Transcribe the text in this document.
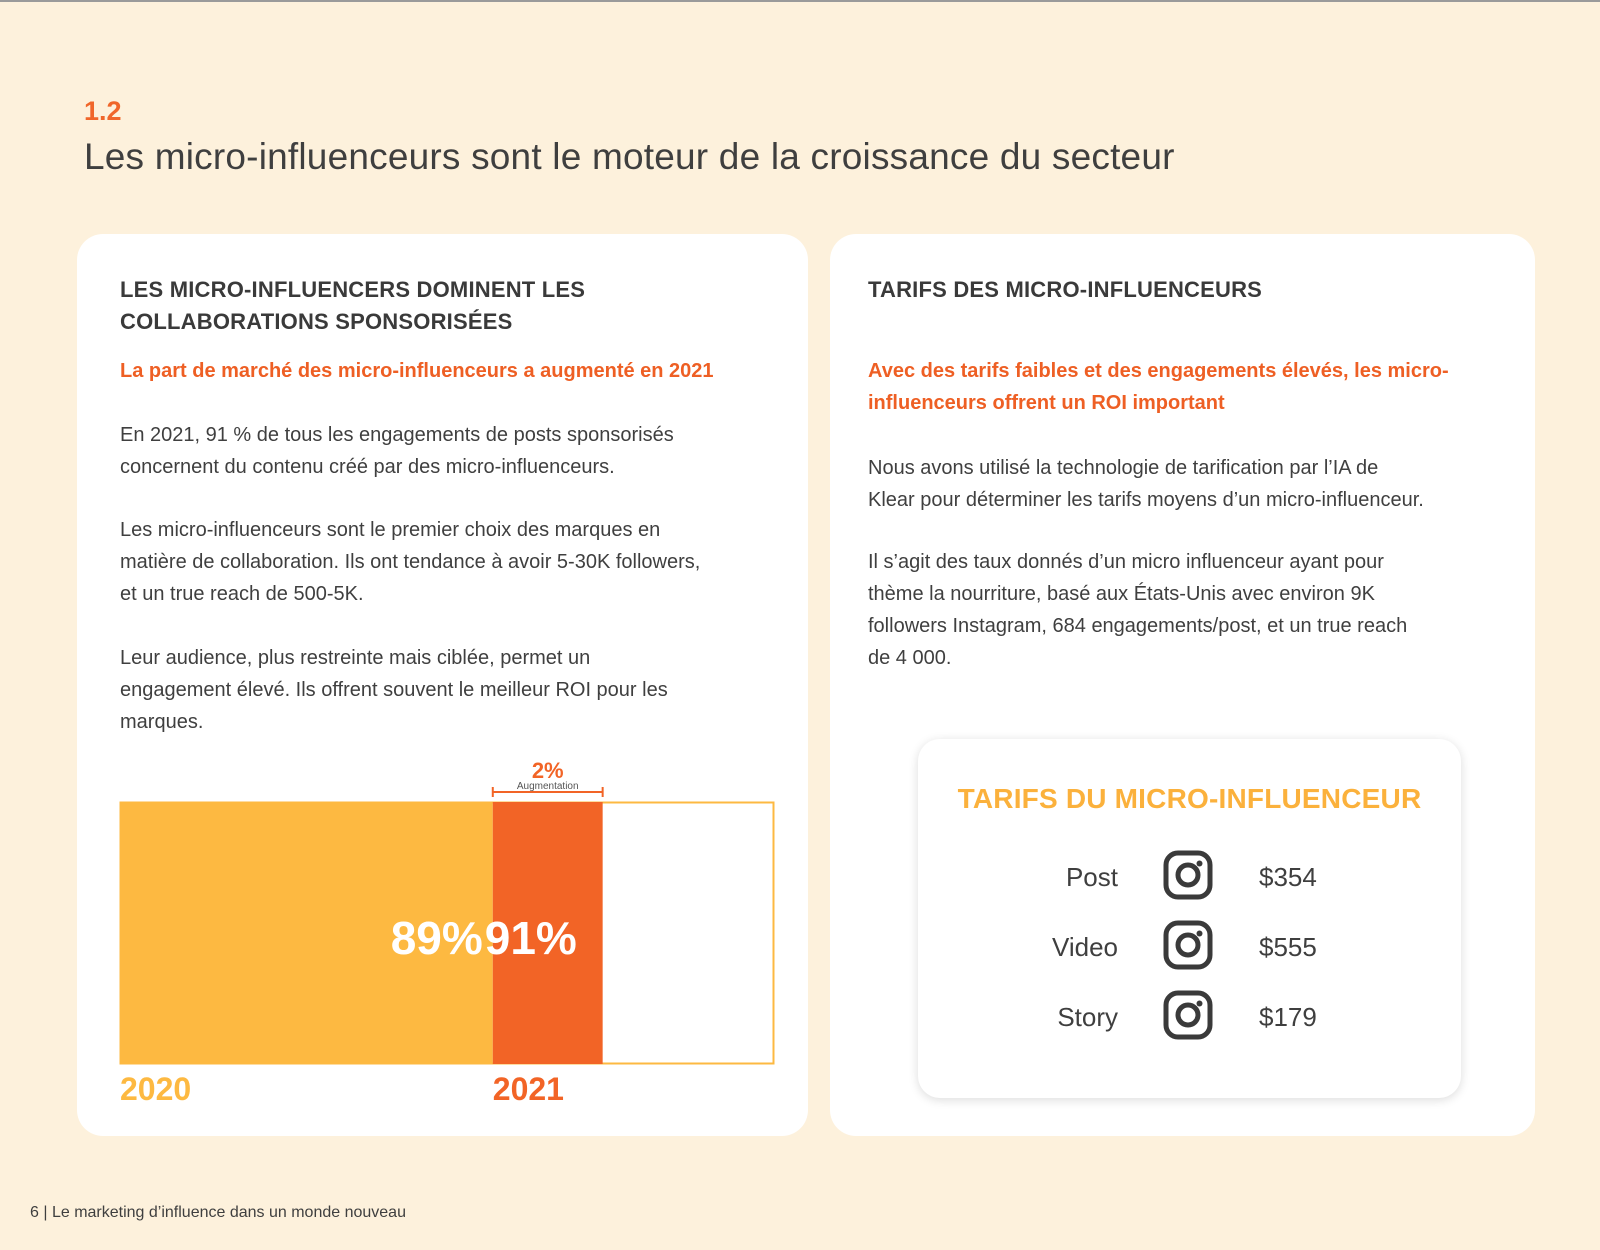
1.2
Les micro-influenceurs sont le moteur de la croissance du secteur
LES MICRO-INFLUENCERS DOMINENT LES
COLLABORATIONS SPONSORISÉES
La part de marché des micro-influenceurs a augmenté en 2021
En 2021, 91 % de tous les engagements de posts sponsorisés
concernent du contenu créé par des micro-influenceurs.
Les micro-influenceurs sont le premier choix des marques en
matière de collaboration. Ils ont tendance à avoir 5-30K followers,
et un true reach de 500-5K.
Leur audience, plus restreinte mais ciblée, permet un
engagement élevé. Ils offrent souvent le meilleur ROI pour les
marques.
89% 91%
2020	2021
2%
Augmentation
TARIFS DES MICRO-INFLUENCEURS
Avec des tarifs faibles et des engagements élevés, les micro-
influenceurs offrent un ROI important
Nous avons utilisé la technologie de tarification par l’IA de
Klear pour déterminer les tarifs moyens d’un micro-influenceur.
Il s’agit des taux donnés d’un micro influenceur ayant pour
thème la nourriture, basé aux États-Unis avec environ 9K
followers Instagram, 684 engagements/post, et un true reach
de 4 000.
TARIFS DU MICRO-INFLUENCEUR
Post	$354
Video	$555
Story	$179
6 | Le marketing d’influence dans un monde nouveau
